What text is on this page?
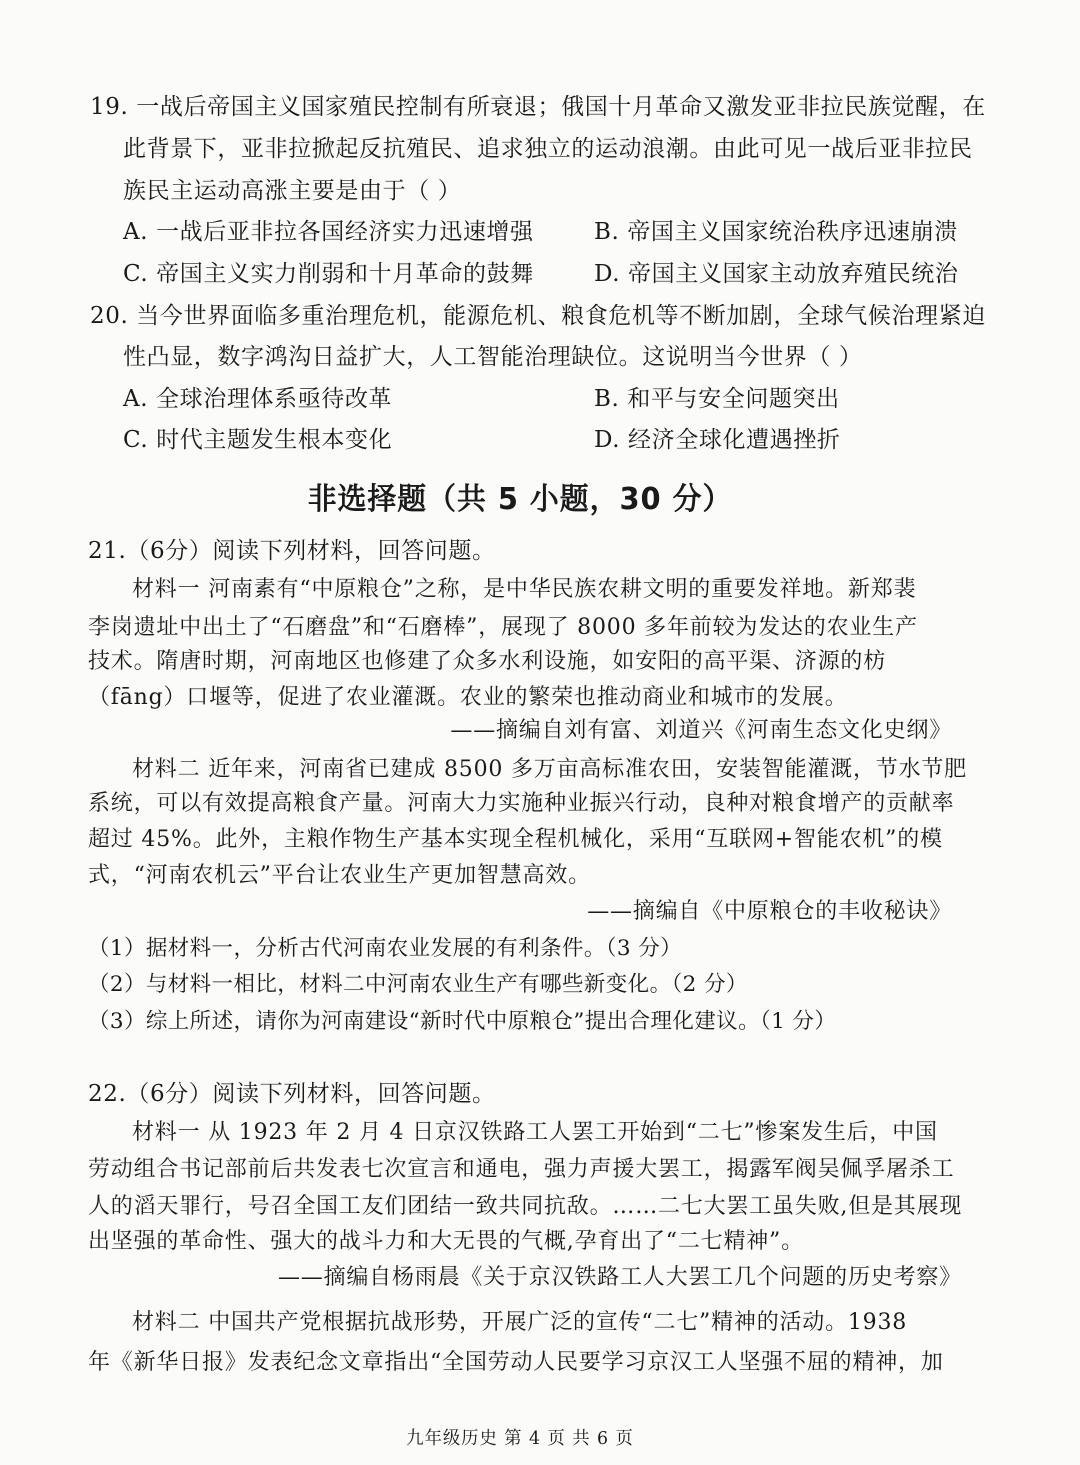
19. 一战后帝国主义国家殖民控制有所衰退；俄国十月革命又激发亚非拉民族觉醒，在
此背景下，亚非拉掀起反抗殖民、追求独立的运动浪潮。由此可见一战后亚非拉民
族民主运动高涨主要是由于（ ）
A. 一战后亚非拉各国经济实力迅速增强	B. 帝国主义国家统治秩序迅速崩溃
C. 帝国主义实力削弱和十月革命的鼓舞	D. 帝国主义国家主动放弃殖民统治
20. 当今世界面临多重治理危机，能源危机、粮食危机等不断加剧，全球气候治理紧迫
性凸显，数字鸿沟日益扩大，人工智能治理缺位。这说明当今世界（ ）
A. 全球治理体系亟待改革	B. 和平与安全问题突出
C. 时代主题发生根本变化	D. 经济全球化遭遇挫折
非选择题（共 5 小题，30 分）
21.（6分）阅读下列材料，回答问题。
材料一 河南素有“中原粮仓”之称，是中华民族农耕文明的重要发祥地。新郑裴
李岗遗址中出土了“石磨盘”和“石磨棒”，展现了 8000 多年前较为发达的农业生产
技术。隋唐时期，河南地区也修建了众多水利设施，如安阳的高平渠、济源的枋
（fāng）口堰等，促进了农业灌溉。农业的繁荣也推动商业和城市的发展。
——摘编自刘有富、刘道兴《河南生态文化史纲》
材料二 近年来，河南省已建成 8500 多万亩高标准农田，安装智能灌溉，节水节肥
系统，可以有效提高粮食产量。河南大力实施种业振兴行动，良种对粮食增产的贡献率
超过 45%。此外，主粮作物生产基本实现全程机械化，采用“互联网+智能农机”的模
式，“河南农机云”平台让农业生产更加智慧高效。
——摘编自《中原粮仓的丰收秘诀》
（1）据材料一，分析古代河南农业发展的有利条件。（3 分）
（2）与材料一相比，材料二中河南农业生产有哪些新变化。（2 分）
（3）综上所述，请你为河南建设“新时代中原粮仓”提出合理化建议。（1 分）
22.（6分）阅读下列材料，回答问题。
材料一 从 1923 年 2 月 4 日京汉铁路工人罢工开始到“二七”惨案发生后，中国
劳动组合书记部前后共发表七次宣言和通电，强力声援大罢工，揭露军阀吴佩孚屠杀工
人的滔天罪行，号召全国工友们团结一致共同抗敌。……二七大罢工虽失败,但是其展现
出坚强的革命性、强大的战斗力和大无畏的气概,孕育出了“二七精神”。
——摘编自杨雨晨《关于京汉铁路工人大罢工几个问题的历史考察》
材料二 中国共产党根据抗战形势，开展广泛的宣传“二七”精神的活动。1938
年《新华日报》发表纪念文章指出“全国劳动人民要学习京汉工人坚强不屈的精神，加
九年级历史 第 4 页 共 6 页
